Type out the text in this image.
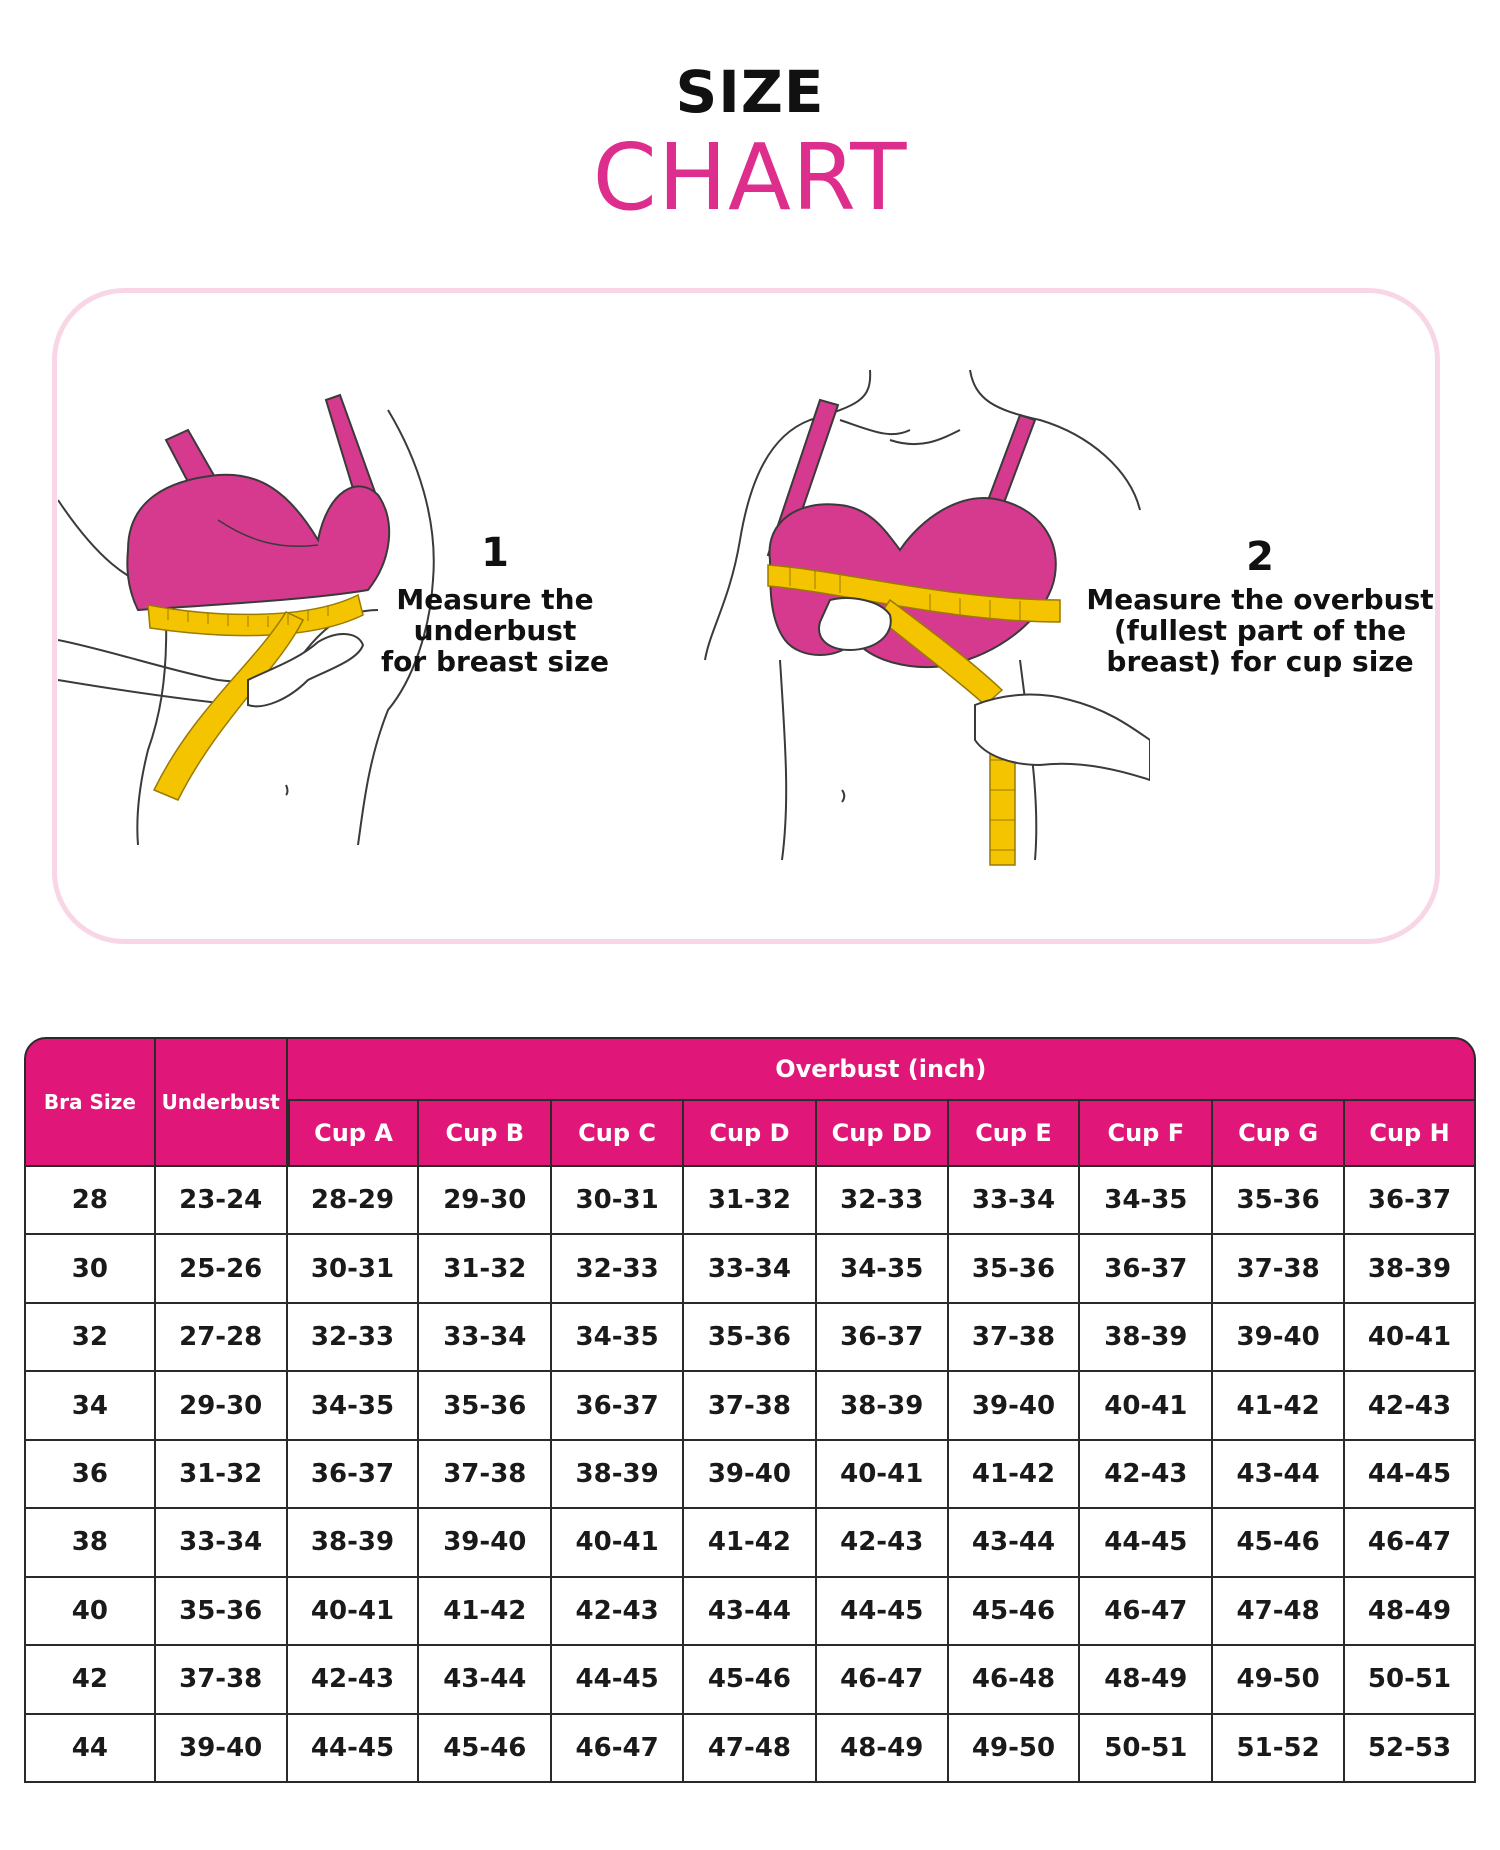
SIZE
CHART
1
Measure the
underbust
for breast size
2
Measure the overbust
(fullest part of the
breast) for cup size
Bra Size	Underbust	Overbust (inch)								
		Cup A	Cup B	Cup C	Cup D	Cup DD	Cup E	Cup F	Cup G	Cup H
28	23-24	28-29	29-30	30-31	31-32	32-33	33-34	34-35	35-36	36-37
30	25-26	30-31	31-32	32-33	33-34	34-35	35-36	36-37	37-38	38-39
32	27-28	32-33	33-34	34-35	35-36	36-37	37-38	38-39	39-40	40-41
34	29-30	34-35	35-36	36-37	37-38	38-39	39-40	40-41	41-42	42-43
36	31-32	36-37	37-38	38-39	39-40	40-41	41-42	42-43	43-44	44-45
38	33-34	38-39	39-40	40-41	41-42	42-43	43-44	44-45	45-46	46-47
40	35-36	40-41	41-42	42-43	43-44	44-45	45-46	46-47	47-48	48-49
42	37-38	42-43	43-44	44-45	45-46	46-47	46-48	48-49	49-50	50-51
44	39-40	44-45	45-46	46-47	47-48	48-49	49-50	50-51	51-52	52-53
